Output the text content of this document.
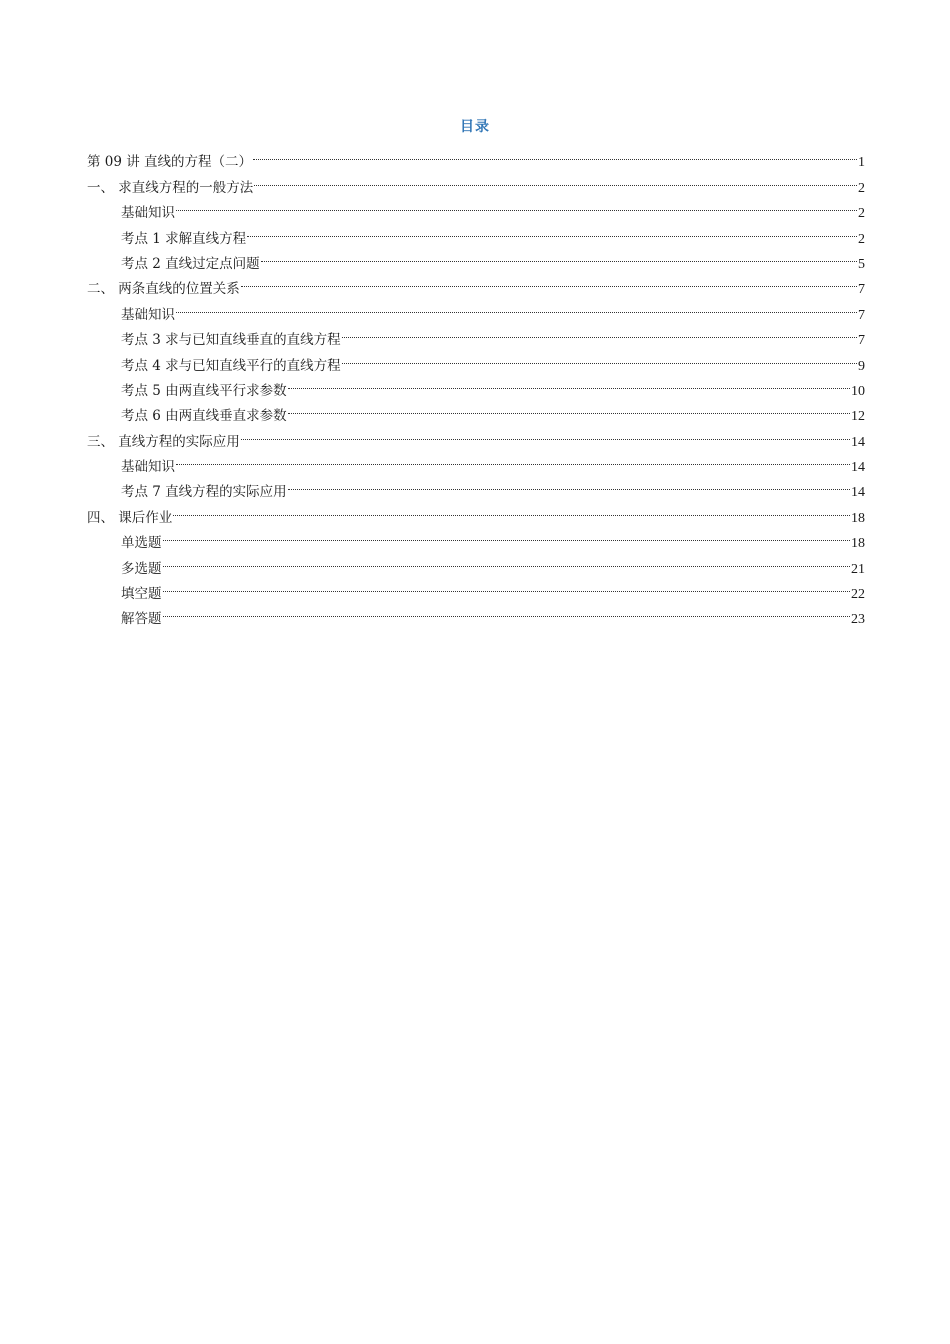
目录
第 09 讲 直线的方程（二）	1
一、 求直线方程的一般方法	2
基础知识	2
考点 1 求解直线方程	2
考点 2 直线过定点问题	5
二、 两条直线的位置关系	7
基础知识	7
考点 3 求与已知直线垂直的直线方程	7
考点 4 求与已知直线平行的直线方程	9
考点 5 由两直线平行求参数	10
考点 6 由两直线垂直求参数	12
三、 直线方程的实际应用	14
基础知识	14
考点 7 直线方程的实际应用	14
四、 课后作业	18
单选题	18
多选题	21
填空题	22
解答题	23
